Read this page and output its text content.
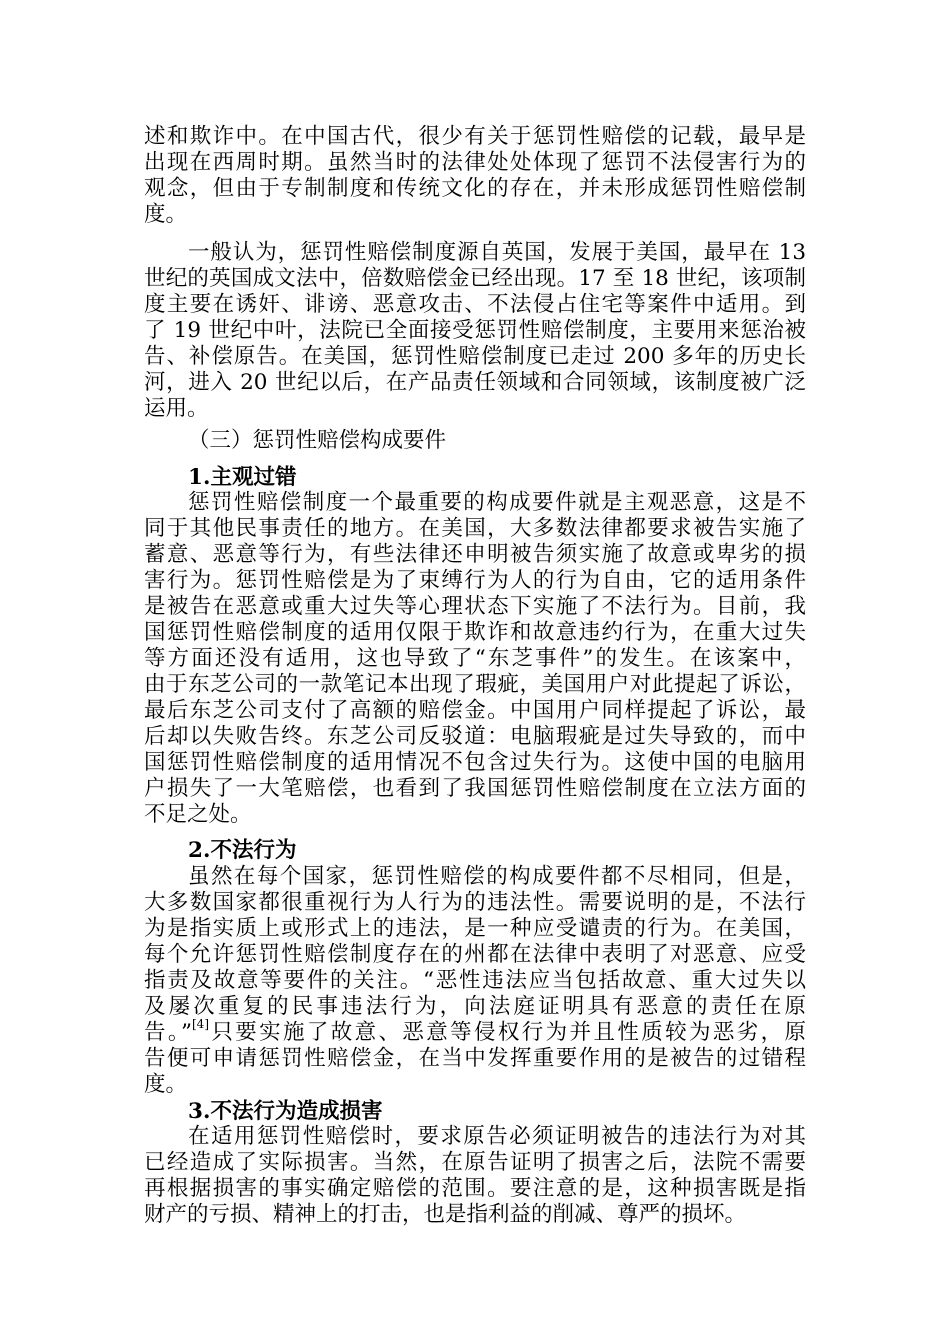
述和欺诈中。在中国古代，很少有关于惩罚性赔偿的记载，最早是
出现在西周时期。虽然当时的法律处处体现了惩罚不法侵害行为的
观念，但由于专制制度和传统文化的存在，并未形成惩罚性赔偿制
度。
一般认为，惩罚性赔偿制度源自英国，发展于美国，最早在 13
世纪的英国成文法中，倍数赔偿金已经出现。17 至 18 世纪，该项制
度主要在诱奸、诽谤、恶意攻击、不法侵占住宅等案件中适用。到
了 19 世纪中叶，法院已全面接受惩罚性赔偿制度，主要用来惩治被
告、补偿原告。在美国，惩罚性赔偿制度已走过 200 多年的历史长
河，进入 20 世纪以后，在产品责任领域和合同领域，该制度被广泛
运用。
（三）惩罚性赔偿构成要件
1.主观过错
惩罚性赔偿制度一个最重要的构成要件就是主观恶意，这是不
同于其他民事责任的地方。在美国，大多数法律都要求被告实施了
蓄意、恶意等行为，有些法律还申明被告须实施了故意或卑劣的损
害行为。惩罚性赔偿是为了束缚行为人的行为自由，它的适用条件
是被告在恶意或重大过失等心理状态下实施了不法行为。目前，我
国惩罚性赔偿制度的适用仅限于欺诈和故意违约行为，在重大过失
等方面还没有适用，这也导致了“东芝事件”的发生。在该案中，
由于东芝公司的一款笔记本出现了瑕疵，美国用户对此提起了诉讼，
最后东芝公司支付了高额的赔偿金。中国用户同样提起了诉讼，最
后却以失败告终。东芝公司反驳道：电脑瑕疵是过失导致的，而中
国惩罚性赔偿制度的适用情况不包含过失行为。这使中国的电脑用
户损失了一大笔赔偿，也看到了我国惩罚性赔偿制度在立法方面的
不足之处。
2.不法行为
虽然在每个国家，惩罚性赔偿的构成要件都不尽相同，但是，
大多数国家都很重视行为人行为的违法性。需要说明的是，不法行
为是指实质上或形式上的违法，是一种应受谴责的行为。在美国，
每个允许惩罚性赔偿制度存在的州都在法律中表明了对恶意、应受
指责及故意等要件的关注。“恶性违法应当包括故意、重大过失以
及屡次重复的民事违法行为，向法庭证明具有恶意的责任在原
告。”[4]只要实施了故意、恶意等侵权行为并且性质较为恶劣，原
告便可申请惩罚性赔偿金，在当中发挥重要作用的是被告的过错程
度。
3.不法行为造成损害
在适用惩罚性赔偿时，要求原告必须证明被告的违法行为对其
已经造成了实际损害。当然，在原告证明了损害之后，法院不需要
再根据损害的事实确定赔偿的范围。要注意的是，这种损害既是指
财产的亏损、精神上的打击，也是指利益的削减、尊严的损坏。
